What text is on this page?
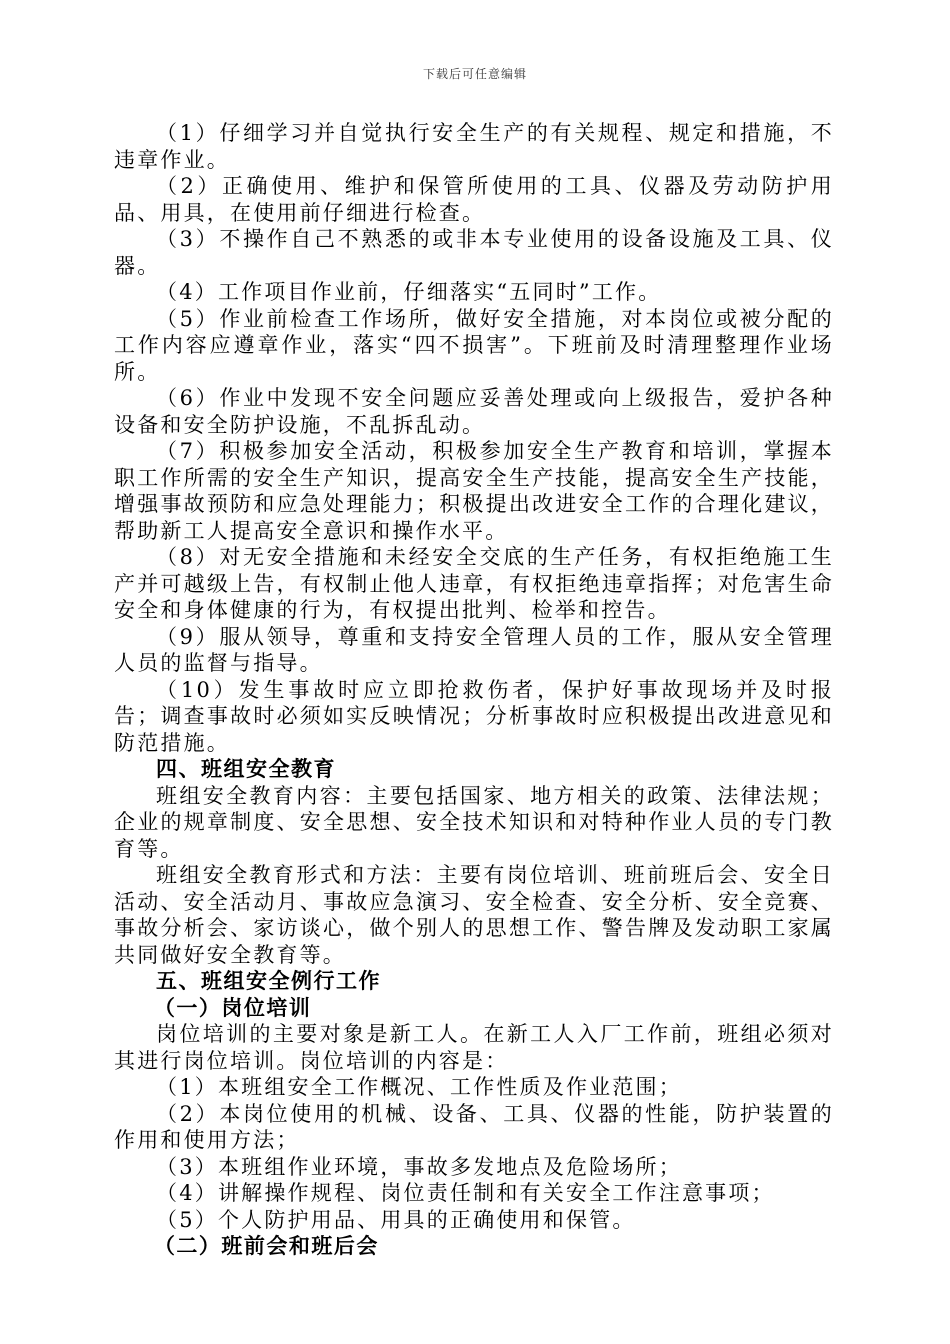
下载后可任意编辑

（1）仔细学习并自觉执行安全生产的有关规程、规定和措施，不违章作业。

（2）正确使用、维护和保管所使用的工具、仪器及劳动防护用品、用具，在使用前仔细进行检查。

（3）不操作自己不熟悉的或非本专业使用的设备设施及工具、仪器。

（4）工作项目作业前，仔细落实“五同时”工作。

（5）作业前检查工作场所，做好安全措施，对本岗位或被分配的工作内容应遵章作业，落实“四不损害”。下班前及时清理整理作业场所。

（6）作业中发现不安全问题应妥善处理或向上级报告，爱护各种设备和安全防护设施，不乱拆乱动。

（7）积极参加安全活动，积极参加安全生产教育和培训，掌握本职工作所需的安全生产知识，提高安全生产技能，提高安全生产技能，增强事故预防和应急处理能力；积极提出改进安全工作的合理化建议，帮助新工人提高安全意识和操作水平。

（8）对无安全措施和未经安全交底的生产任务，有权拒绝施工生产并可越级上告，有权制止他人违章，有权拒绝违章指挥；对危害生命安全和身体健康的行为，有权提出批判、检举和控告。

（9）服从领导，尊重和支持安全管理人员的工作，服从安全管理人员的监督与指导。

（10）发生事故时应立即抢救伤者，保护好事故现场并及时报告；调查事故时必须如实反映情况；分析事故时应积极提出改进意见和防范措施。

四、班组安全教育

班组安全教育内容：主要包括国家、地方相关的政策、法律法规；企业的规章制度、安全思想、安全技术知识和对特种作业人员的专门教育等。

班组安全教育形式和方法：主要有岗位培训、班前班后会、安全日活动、安全活动月、事故应急演习、安全检查、安全分析、安全竞赛、事故分析会、家访谈心，做个别人的思想工作、警告牌及发动职工家属共同做好安全教育等。

五、班组安全例行工作

（一）岗位培训

岗位培训的主要对象是新工人。在新工人入厂工作前，班组必须对其进行岗位培训。岗位培训的内容是：

（1）本班组安全工作概况、工作性质及作业范围；

（2）本岗位使用的机械、设备、工具、仪器的性能，防护装置的作用和使用方法；

（3）本班组作业环境，事故多发地点及危险场所；

（4）讲解操作规程、岗位责任制和有关安全工作注意事项；

（5）个人防护用品、用具的正确使用和保管。

（二）班前会和班后会
